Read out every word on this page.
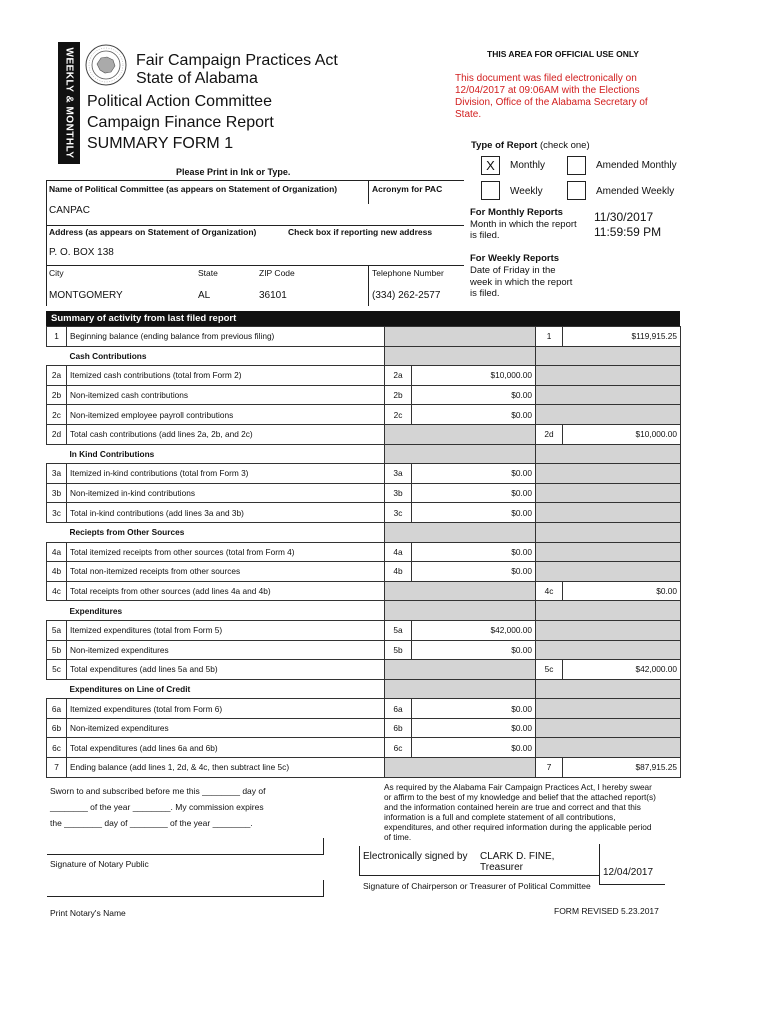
WEEKLY & MONTHLY	Fair Campaign Practices Act
State of Alabama
Political Action Committee
Campaign Finance Report
SUMMARY FORM 1
THIS AREA FOR OFFICIAL USE ONLY
This document was filed electronically on
12/04/2017 at 09:06AM with the Elections
Division, Office of the Alabama Secretary of
State.
Type of Report (check one)
X	Monthly	Amended Monthly
Weekly	Amended Weekly
For Monthly Reports
Month in which the report
is filed.
11/30/2017
11:59:59 PM
For Weekly Reports
Date of Friday in the
week in which the report
is filed.
Please Print in Ink or Type.
Name of Political Committee (as appears on Statement of Organization)	Acronym for PAC
CANPAC
Address (as appears on Statement of Organization)	Check box if reporting new address
P. O. BOX 138
City	State	ZIP Code	Telephone Number
MONTGOMERY	AL	36101	(334) 262-2577
Summary of activity from last filed report
1	Beginning balance (ending balance from previous filing)			1	$119,915.25
	Cash Contributions				
2a	Itemized cash contributions (total from Form 2)	2a	$10,000.00		
2b	Non-itemized cash contributions	2b	$0.00		
2c	Non-itemized employee payroll contributions	2c	$0.00		
2d	Total cash contributions (add lines 2a, 2b, and 2c)			2d	$10,000.00
	In Kind Contributions				
3a	Itemized in-kind contributions (total from Form 3)	3a	$0.00		
3b	Non-itemized in-kind contributions	3b	$0.00		
3c	Total in-kind contributions (add lines 3a and 3b)	3c	$0.00		
	Reciepts from Other Sources				
4a	Total itemized receipts from other sources (total from Form 4)	4a	$0.00		
4b	Total non-itemized receipts from other sources	4b	$0.00		
4c	Total receipts from other sources (add lines 4a and 4b)			4c	$0.00
	Expenditures				
5a	Itemized expenditures (total from Form 5)	5a	$42,000.00		
5b	Non-itemized expenditures	5b	$0.00		
5c	Total expenditures (add lines 5a and 5b)			5c	$42,000.00
	Expenditures on Line of Credit				
6a	Itemized expenditures (total from Form 6)	6a	$0.00		
6b	Non-itemized expenditures	6b	$0.00		
6c	Total expenditures (add lines 6a and 6b)	6c	$0.00		
7	Ending balance (add lines 1, 2d, & 4c, then subtract line 5c)			7	$87,915.25
Sworn to and subscribed before me this ________ day of
________ of the year ________. My commission expires
the ________ day of ________ of the year ________.
Signature of Notary Public
Print Notary's Name
As required by the Alabama Fair Campaign Practices Act, I hereby swear
or affirm to the best of my knowledge and belief that the attached report(s)
and the information contained herein are true and correct and that this
information is a full and complete statement of all contributions,
expenditures, and other required information during the applicable period
of time.
Electronically signed by CLARK D. FINE,
Treasurer	12/04/2017
Signature of Chairperson or Treasurer of Political Committee
FORM REVISED 5.23.2017
